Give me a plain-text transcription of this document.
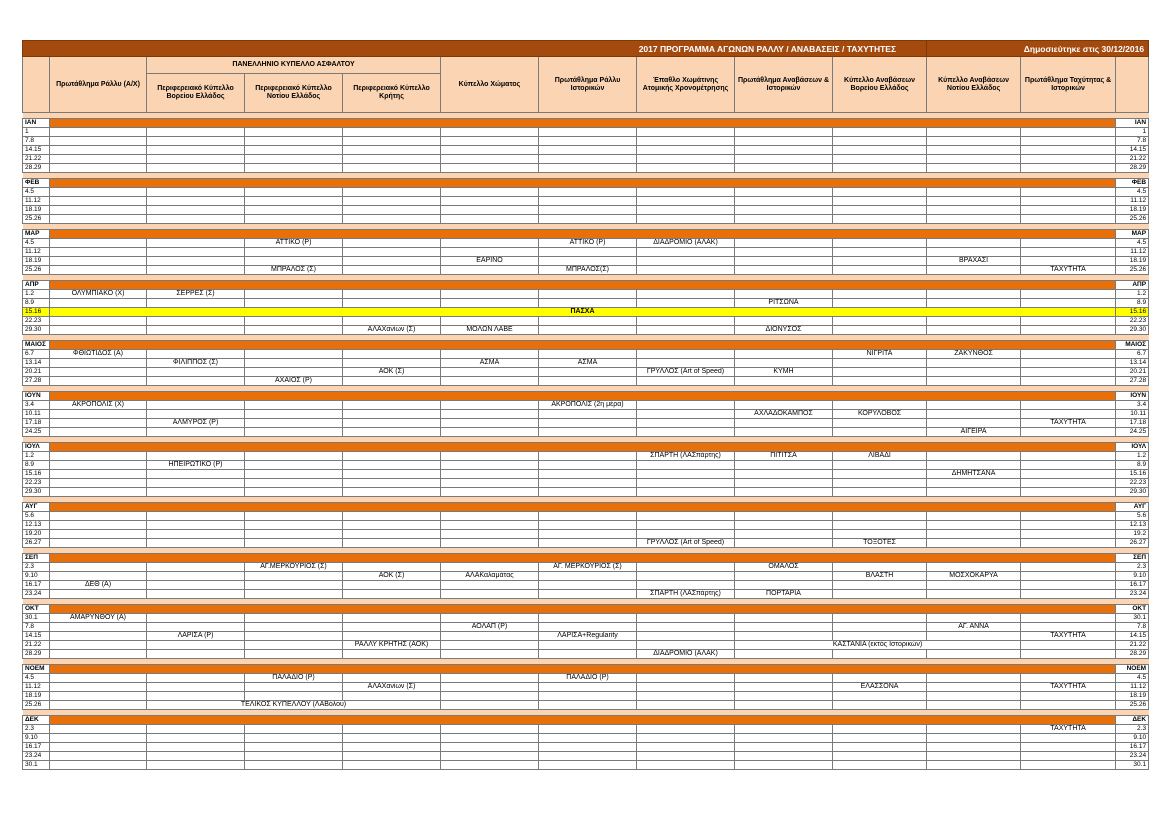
2017 ΠΡΟΓΡΑΜΜΑ ΑΓΩΝΩΝ ΡΑΛΛΥ / ΑΝΑΒΑΣΕΙΣ / ΤΑΧΥΤΗΤΕΣ										Δημοσιεύτηκε στις 30/12/2016		
	Πρωτάθλημα Ράλλυ (Α/Χ)	ΠΑΝΕΛΛΗΝΙΟ ΚΥΠΕΛΛΟ ΑΣΦΑΛΤΟΥ			Κύπελλο Χώματος	Πρωτάθλημα Ράλλυ Ιστορικών	Έπαθλο Χωμάτινης Ατομικής Χρονομέτρησης	Πρωτάθλημα Αναβάσεων & Ιστορικών	Κύπελλο Αναβάσεων Βορείου Ελλάδος	Κύπελλο Αναβάσεων Νοτίου Ελλάδος	Πρωτάθλημα Ταχύτητας & Ιστορικών	
		Περιφερειακό Κύπελλο Βορείου Ελλάδος	Περιφερειακό Κύπελλο Νοτίου Ελλάδος	Περιφερειακό Κύπελλο Κρήτης								

ΙΑΝ												ΙΑΝ
1												1
7.8												7.8
14.15												14.15
21.22												21.22
28.29												28.29

ΦΕΒ												ΦΕΒ
4.5												4.5
11.12												11.12
18.19												18.19
25.26												25.26

ΜΑΡ												ΜΑΡ
4.5			ΑΤΤΙΚΟ (Ρ)			ΑΤΤΙΚΟ (Ρ)	ΔΙΑΔΡΟΜΙΟ (ΑΛΑΚ)					4.5
11.12												11.12
18.19					ΕΑΡΙΝΟ					ΒΡΑΧΑΣΙ		18.19
25.26			ΜΠΡΑΛΟΣ (Σ)			ΜΠΡΑΛΟΣ(Σ)					ΤΑΧΥΤΗΤΑ	25.26

ΑΠΡ												ΑΠΡ
1.2	ΟΛΥΜΠΙΑΚΟ (Χ)	ΣΕΡΡΕΣ (Σ)										1.2
8.9								ΡΙΤΣΩΝΑ				8.9
15.16	ΠΑΣΧΑ											15.16
22.23												22.23
29.30				ΑΛΑΧανίων (Σ)	ΜΟΛΩΝ ΛΑΒΕ			ΔΙΟΝΥΣΟΣ				29.30

ΜΑΙΟΣ												ΜΑΙΟΣ
6.7	ΦΘΙΩΤΙΔΟΣ (Α)								ΝΙΓΡΙΤΑ	ΖΑΚΥΝΘΟΣ		6.7
13.14		ΦΙΛΙΠΠΟΣ (Σ)			ΑΣΜΑ	ΑΣΜΑ						13.14
20.21				ΑΟΚ (Σ)			ΓΡΥΛΛΟΣ (Art of Speed)	ΚΥΜΗ				20.21
27.28			ΑΧΑΙΟΣ (Ρ)									27.28

ΙΟΥΝ												ΙΟΥΝ
3.4	ΑΚΡΟΠΟΛΙΣ (Χ)					ΑΚΡΟΠΟΛΙΣ (2η μέρα)						3.4
10.11								ΑΧΛΑΔΟΚΑΜΠΟΣ	ΚΟΡΥΛΟΒΟΣ			10.11
17.18		ΑΛΜΥΡΟΣ (Ρ)									ΤΑΧΥΤΗΤΑ	17.18
24.25										ΑΙΓΕΙΡΑ		24.25

ΙΟΥΛ												ΙΟΥΛ
1.2							ΣΠΑΡΤΗ (ΛΑΣπάρτης)	ΠΙΤΙΤΣΑ	ΛΙΒΑΔΙ			1.2
8.9		ΗΠΕΙΡΩΤΙΚΟ (Ρ)										8.9
15.16										ΔΗΜΗΤΣΑΝΑ		15.16
22.23												22.23
29.30												29.30

ΑΥΓ												ΑΥΓ
5.6												5.6
12.13												12.13
19.20												19.2
26.27							ΓΡΥΛΛΟΣ (Art of Speed)		ΤΟΞΟΤΕΣ			26.27

ΣΕΠ												ΣΕΠ
2.3			ΑΓ.ΜΕΡΚΟΥΡΙΟΣ (Σ)			ΑΓ. ΜΕΡΚΟΥΡΙΟΣ (Σ)		ΟΜΑΛΟΣ				2.3
9.10				ΑΟΚ (Σ)	ΑΛΑΚαλαμάτας				ΒΛΑΣΤΗ	ΜΟΣΧΟΚΑΡΥΑ		9.10
16.17	ΔΕΘ (Α)											16.17
23.24							ΣΠΑΡΤΗ (ΛΑΣπάρτης)	ΠΟΡΤΑΡΙΑ				23.24

ΟΚΤ												ΟΚΤ
30.1	ΑΜΑΡΥΝΘΟΥ (Α)											30.1
7.8					ΑΟΛΑΠ (Ρ)					ΑΓ. ΑΝΝΑ		7.8
14.15		ΛΑΡΙΣΑ (Ρ)				ΛΑΡΙΣΑ+Regularity					ΤΑΧΥΤΗΤΑ	14.15
21.22				ΡΑΛΛΥ ΚΡΗΤΗΣ (ΑΟΚ)				ΚΑΣΤΑΝΙΑ (εκτός Ιστορικών)				21.22
28.29							ΔΙΑΔΡΟΜΙΟ (ΑΛΑΚ)					28.29

ΝΟΕΜ												ΝΟΕΜ
4.5			ΠΑΛΑΔΙΟ (Ρ)			ΠΑΛΑΔΙΟ (Ρ)						4.5
11.12				ΑΛΑΧανίων (Σ)					ΕΛΑΣΣΟΝΑ		ΤΑΧΥΤΗΤΑ	11.12
18.19												18.19
25.26		ΤΕΛΙΚΟΣ ΚΥΠΕΛΛΟΥ (ΛΑΒόλου)										25.26

ΔΕΚ												ΔΕΚ
2.3											ΤΑΧΥΤΗΤΑ	2.3
9.10												9.10
16.17												16.17
23.24												23.24
30.1												30.1
